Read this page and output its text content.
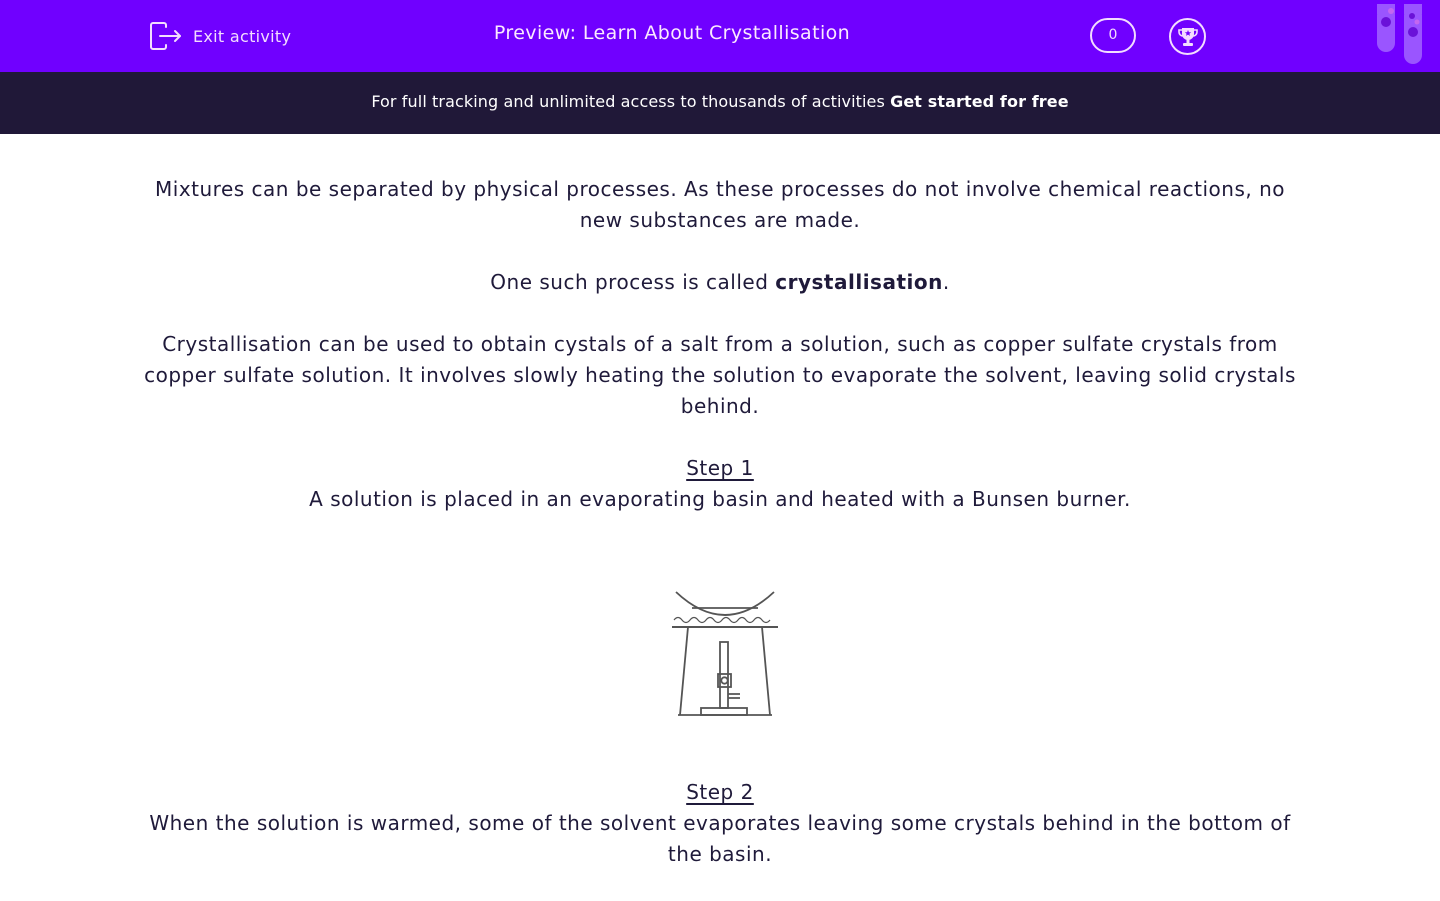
Exit activity	Preview: Learn About Crystallisation	0
For full tracking and unlimited access to thousands of activities Get started for free

Mixtures can be separated by physical processes. As these processes do not involve chemical reactions, no new substances are made.

One such process is called crystallisation.

Crystallisation can be used to obtain cystals of a salt from a solution, such as copper sulfate crystals from copper sulfate solution. It involves slowly heating the solution to evaporate the solvent, leaving solid crystals behind.

Step 1

A solution is placed in an evaporating basin and heated with a Bunsen burner.

Step 2

When the solution is warmed, some of the solvent evaporates leaving some crystals behind in the bottom of the basin.
